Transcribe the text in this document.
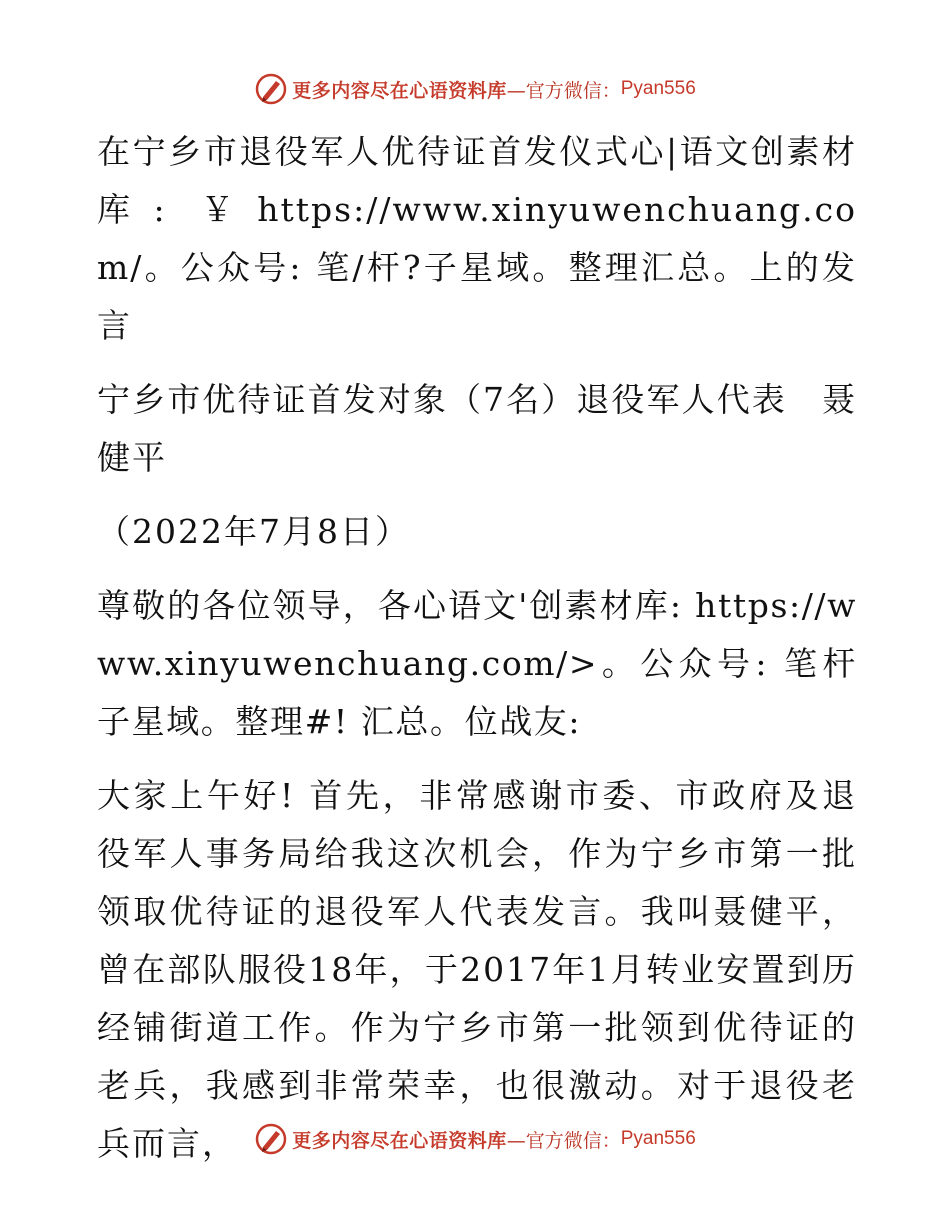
更多内容尽在心语资料库 —官方微信： Pyan556

在宁乡市退役军人优待证首发仪式心|语文创素材库: ￥https://www.xinyuwenchuang.com/。公众号: 笔/杆?子星域。整理汇总。上的发言

宁乡市优待证首发对象（7名）退役军人代表　聂健平

（2022年7月8日）

尊敬的各位领导，各心语文'创素材库: https://www.xinyuwenchuang.com/>。公众号: 笔杆子星域。整理#! 汇总。位战友:

大家上午好! 首先，非常感谢市委、市政府及退役军人事务局给我这次机会，作为宁乡市第一批领取优待证的退役军人代表发言。我叫聂健平，曾在部队服役18年，于2017年1月转业安置到历经铺街道工作。作为宁乡市第一批领到优待证的老兵，我感到非常荣幸，也很激动。对于退役老兵而言，	更多内容尽在心语资料库 —官方微信： Pyan556
